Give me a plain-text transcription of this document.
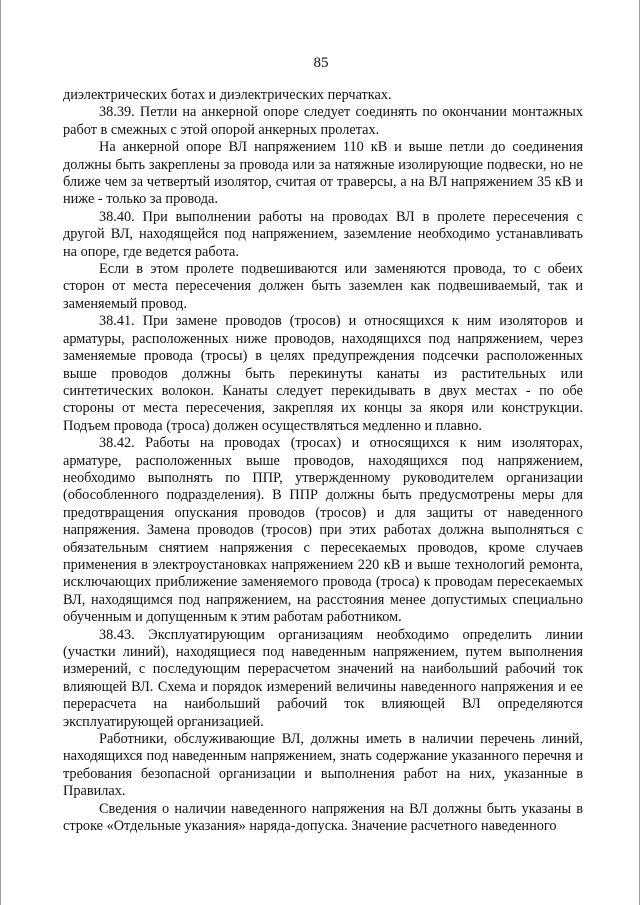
85

диэлектрических ботах и диэлектрических перчатках.

38.39. Петли на анкерной опоре следует соединять по окончании монтажных работ в смежных с этой опорой анкерных пролетах.

На анкерной опоре ВЛ напряжением 110 кВ и выше петли до соединения должны быть закреплены за провода или за натяжные изолирующие подвески, но не ближе чем за четвертый изолятор, считая от траверсы, а на ВЛ напряжением 35 кВ и ниже - только за провода.

38.40. При выполнении работы на проводах ВЛ в пролете пересечения с другой ВЛ, находящейся под напряжением, заземление необходимо устанавливать на опоре, где ведется работа.

Если в этом пролете подвешиваются или заменяются провода, то с обеих сторон от места пересечения должен быть заземлен как подвешиваемый, так и заменяемый провод.

38.41. При замене проводов (тросов) и относящихся к ним изоляторов и арматуры, расположенных ниже проводов, находящихся под напряжением, через заменяемые провода (тросы) в целях предупреждения подсечки расположенных выше проводов должны быть перекинуты канаты из растительных или синтетических волокон. Канаты следует перекидывать в двух местах - по обе стороны от места пересечения, закрепляя их концы за якоря или конструкции. Подъем провода (троса) должен осуществляться медленно и плавно.

38.42. Работы на проводах (тросах) и относящихся к ним изоляторах, арматуре, расположенных выше проводов, находящихся под напряжением, необходимо выполнять по ППР, утвержденному руководителем организации (обособленного подразделения). В ППР должны быть предусмотрены меры для предотвращения опускания проводов (тросов) и для защиты от наведенного напряжения. Замена проводов (тросов) при этих работах должна выполняться с обязательным снятием напряжения с пересекаемых проводов, кроме случаев применения в электроустановках напряжением 220 кВ и выше технологий ремонта, исключающих приближение заменяемого провода (троса) к проводам пересекаемых ВЛ, находящимся под напряжением, на расстояния менее допустимых специально обученным и допущенным к этим работам работником.

38.43. Эксплуатирующим организациям необходимо определить линии (участки линий), находящиеся под наведенным напряжением, путем выполнения измерений, с последующим перерасчетом значений на наибольший рабочий ток влияющей ВЛ. Схема и порядок измерений величины наведенного напряжения и ее перерасчета на наибольший рабочий ток влияющей ВЛ определяются эксплуатирующей организацией.

Работники, обслуживающие ВЛ, должны иметь в наличии перечень линий, находящихся под наведенным напряжением, знать содержание указанного перечня и требования безопасной организации и выполнения работ на них, указанные в Правилах.

Сведения о наличии наведенного напряжения на ВЛ должны быть указаны в строке «Отдельные указания» наряда-допуска. Значение расчетного наведенного
